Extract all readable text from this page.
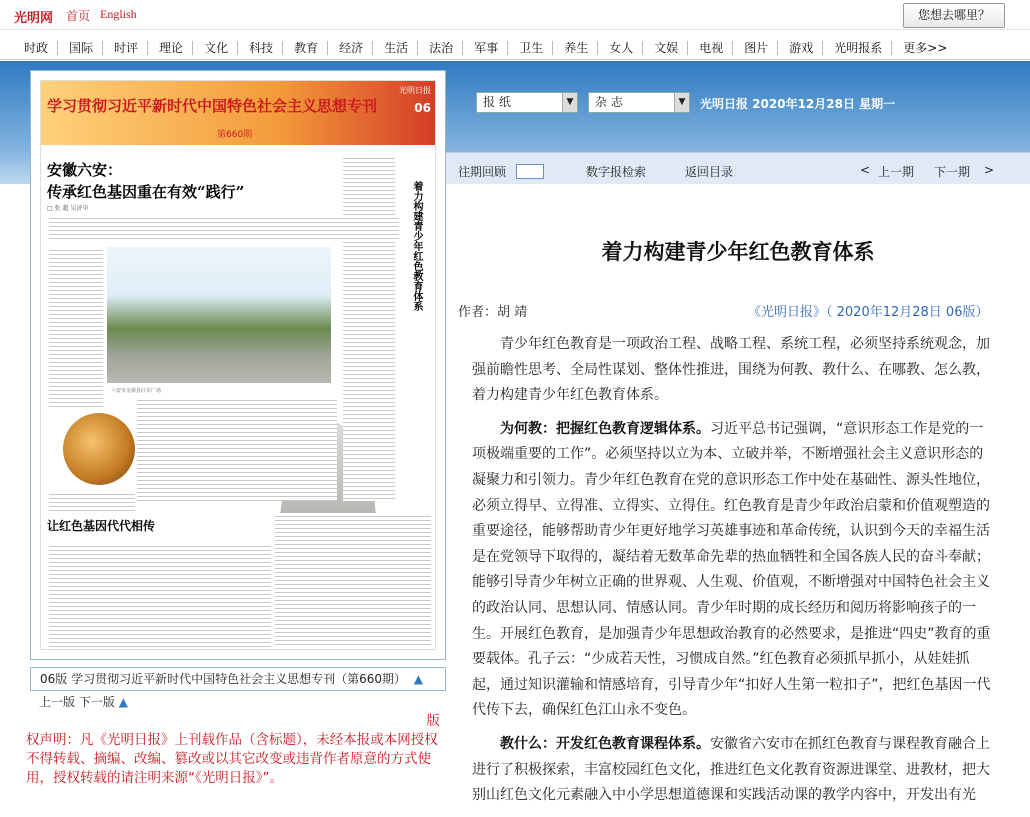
光明网 首页 English	您想去哪里？
时政 国际 时评 理论 文化 科技 教育 经济 生活 法治 军事 卫生 养生 女人 文娱 电视 图片 游戏 光明报系 更多>>
学习贯彻习近平新时代中国特色社会主义思想专刊
光明日报
06
第660期
安徽六安：
传承红色基因重在有效“践行”
□ 张 超 吴济申	着力构建青少年红色教育体系
六安市金寨县红军广场
让红色基因代代相传
06版 学习贯彻习近平新时代中国特色社会主义思想专刊（第660期） ▲
上一版 下一版 ▲
版
权声明：凡《光明日报》上刊载作品（含标题），未经本报或本网授权不得转载、摘编、改编、篡改或以其它改变或违背作者原意的方式使用，授权转载的请注明来源“《光明日报》”。
报 纸	▼	杂 志	▼ 光明日报 2020年12月28日 星期一
往期回顾	数字报检索	返回目录	< 上一期 下一期 >
着力构建青少年红色教育体系
作者：胡 靖	《光明日报》（ 2020年12月28日 06版）

青少年红色教育是一项政治工程、战略工程、系统工程，必须坚持系统观念，加强前瞻性思考、全局性谋划、整体性推进，围绕为何教、教什么、在哪教、怎么教，着力构建青少年红色教育体系。

为何教：把握红色教育逻辑体系。习近平总书记强调，“意识形态工作是党的一项极端重要的工作”。必须坚持以立为本、立破并举，不断增强社会主义意识形态的凝聚力和引领力。青少年红色教育在党的意识形态工作中处在基础性、源头性地位，必须立得早、立得准、立得实、立得住。红色教育是青少年政治启蒙和价值观塑造的重要途径，能够帮助青少年更好地学习英雄事迹和革命传统，认识到今天的幸福生活是在党领导下取得的，凝结着无数革命先辈的热血牺牲和全国各族人民的奋斗奉献；能够引导青少年树立正确的世界观、人生观、价值观，不断增强对中国特色社会主义的政治认同、思想认同、情感认同。青少年时期的成长经历和阅历将影响孩子的一生。开展红色教育，是加强青少年思想政治教育的必然要求，是推进“四史”教育的重要载体。孔子云：“少成若天性，习惯成自然。”红色教育必须抓早抓小，从娃娃抓起，通过知识灌输和情感培育，引导青少年“扣好人生第一粒扣子”，把红色基因一代代传下去，确保红色江山永不变色。

教什么：开发红色教育课程体系。安徽省六安市在抓红色教育与课程教育融合上进行了积极探索，丰富校园红色文化，推进红色文化教育资源进课堂、进教材，把大别山红色文化元素融入中小学思想道德课和实践活动课的教学内容中，开发出有光
